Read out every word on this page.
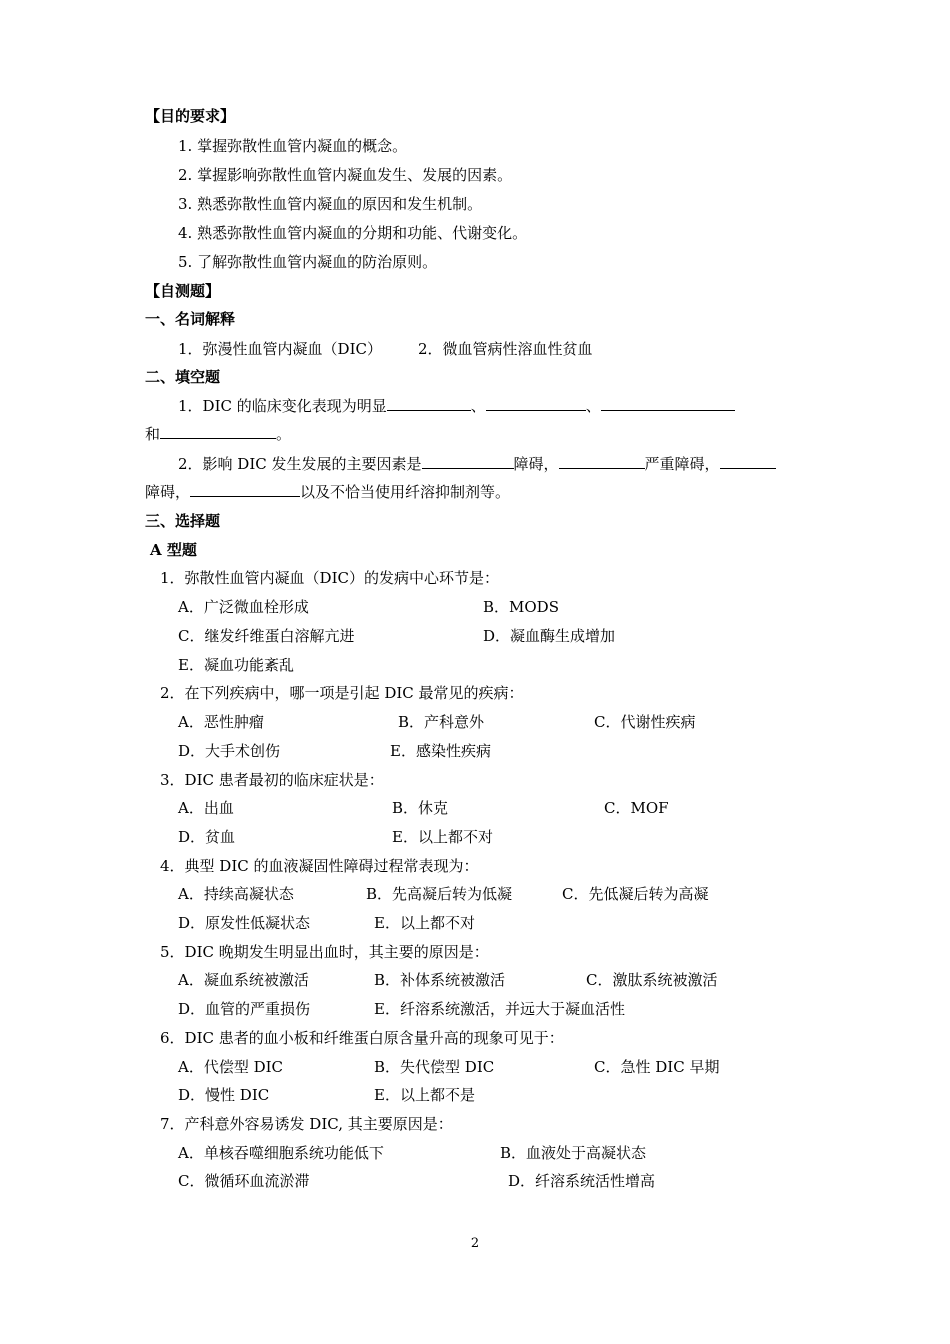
【目的要求】
1. 掌握弥散性血管内凝血的概念。
2. 掌握影响弥散性血管内凝血发生、发展的因素。
3. 熟悉弥散性血管内凝血的原因和发生机制。
4. 熟悉弥散性血管内凝血的分期和功能、代谢变化。
5. 了解弥散性血管内凝血的防治原则。
【自测题】
一、名词解释
1．弥漫性血管内凝血（DIC） 2．微血管病性溶血性贫血
二、填空题
1．DIC 的临床变化表现为明显	、	、
和	。
2．影响 DIC 发生发展的主要因素是	障碍，	严重障碍，
障碍，	以及不恰当使用纤溶抑制剂等。
三、选择题
A 型题
1．弥散性血管内凝血（DIC）的发病中心环节是：
A．广泛微血栓形成	B．MODS
C．继发纤维蛋白溶解亢进	D．凝血酶生成增加
E．凝血功能紊乱
2．在下列疾病中，哪一项是引起 DIC 最常见的疾病：
A．恶性肿瘤	B．产科意外	C．代谢性疾病
D．大手术创伤	E．感染性疾病
3．DIC 患者最初的临床症状是：
A．出血	B．休克	C．MOF
D．贫血	E．以上都不对
4．典型 DIC 的血液凝固性障碍过程常表现为：
A．持续高凝状态	B．先高凝后转为低凝	C．先低凝后转为高凝
D．原发性低凝状态	E．以上都不对
5．DIC 晚期发生明显出血时，其主要的原因是：
A．凝血系统被激活	B．补体系统被激活	C．激肽系统被激活
D．血管的严重损伤	E．纤溶系统激活，并远大于凝血活性
6．DIC 患者的血小板和纤维蛋白原含量升高的现象可见于：
A．代偿型 DIC	B．失代偿型 DIC	C．急性 DIC 早期
D．慢性 DIC	E．以上都不是
7．产科意外容易诱发 DIC, 其主要原因是：
A．单核吞噬细胞系统功能低下	B．血液处于高凝状态
C．微循环血流淤滞	D．纤溶系统活性增高
2
